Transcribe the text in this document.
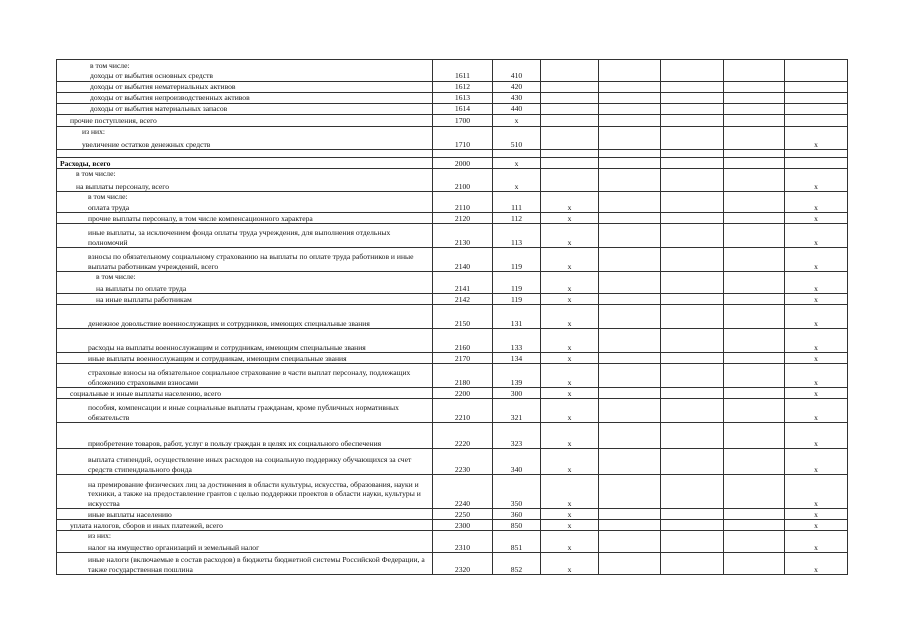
в том числе:							
доходы от выбытия основных средств	1611	410					
доходы от выбытия нематериальных активов	1612	420					
доходы от выбытия непроизводственных активов	1613	430					
доходы от выбытия материальных запасов	1614	440					
прочие поступления, всего	1700	x					
из них:							
увеличение остатков денежных средств	1710	510					x

Расходы, всего	2000	x					
в том числе:							
на выплаты персоналу, всего	2100	x					x
в том числе:							
оплата труда	2110	111	x				x
прочие выплаты персоналу, в том числе компенсационного характера	2120	112	x				x
иные выплаты, за исключением фонда оплаты труда учреждения, для выполнения отдельных полномочий	2130	113	x				x
взносы по обязательному социальному страхованию на выплаты по оплате труда работников и иные выплаты работникам учреждений, всего	2140	119	x				x
в том числе:							
на выплаты по оплате труда	2141	119	x				x
на иные выплаты работникам	2142	119	x				x
денежное довольствие военнослужащих и сотрудников, имеющих специальные звания	2150	131	x				x
расходы на выплаты военнослужащим и сотрудникам, имеющим специальные звания	2160	133	x				x
иные выплаты военнослужащим и сотрудникам, имеющим специальные звания	2170	134	x				x
страховые взносы на обязательное социальное страхование в части выплат персоналу, подлежащих обложению страховыми взносами	2180	139	x				x
социальные и иные выплаты населению, всего	2200	300	x				x
пособия, компенсации и иные социальные выплаты гражданам, кроме публичных нормативных обязательств	2210	321	x				x
приобретение товаров, работ, услуг в пользу граждан в целях их социального обеспечения	2220	323	x				x
выплата стипендий, осуществление иных расходов на социальную поддержку обучающихся за счет средств стипендиального фонда	2230	340	x				x
на премирование физических лиц за достижения в области культуры, искусства, образования, науки и техники, а также на предоставление грантов с целью поддержки проектов в области науки, культуры и искусства	2240	350	x				x
иные выплаты населению	2250	360	x				x
уплата налогов, сборов и иных платежей, всего	2300	850	x				x
из них:							
налог на имущество организаций и земельный налог	2310	851	x				x
иные налоги (включаемые в состав расходов) в бюджеты бюджетной системы Российской Федерации, а также государственная пошлина	2320	852	x				x
